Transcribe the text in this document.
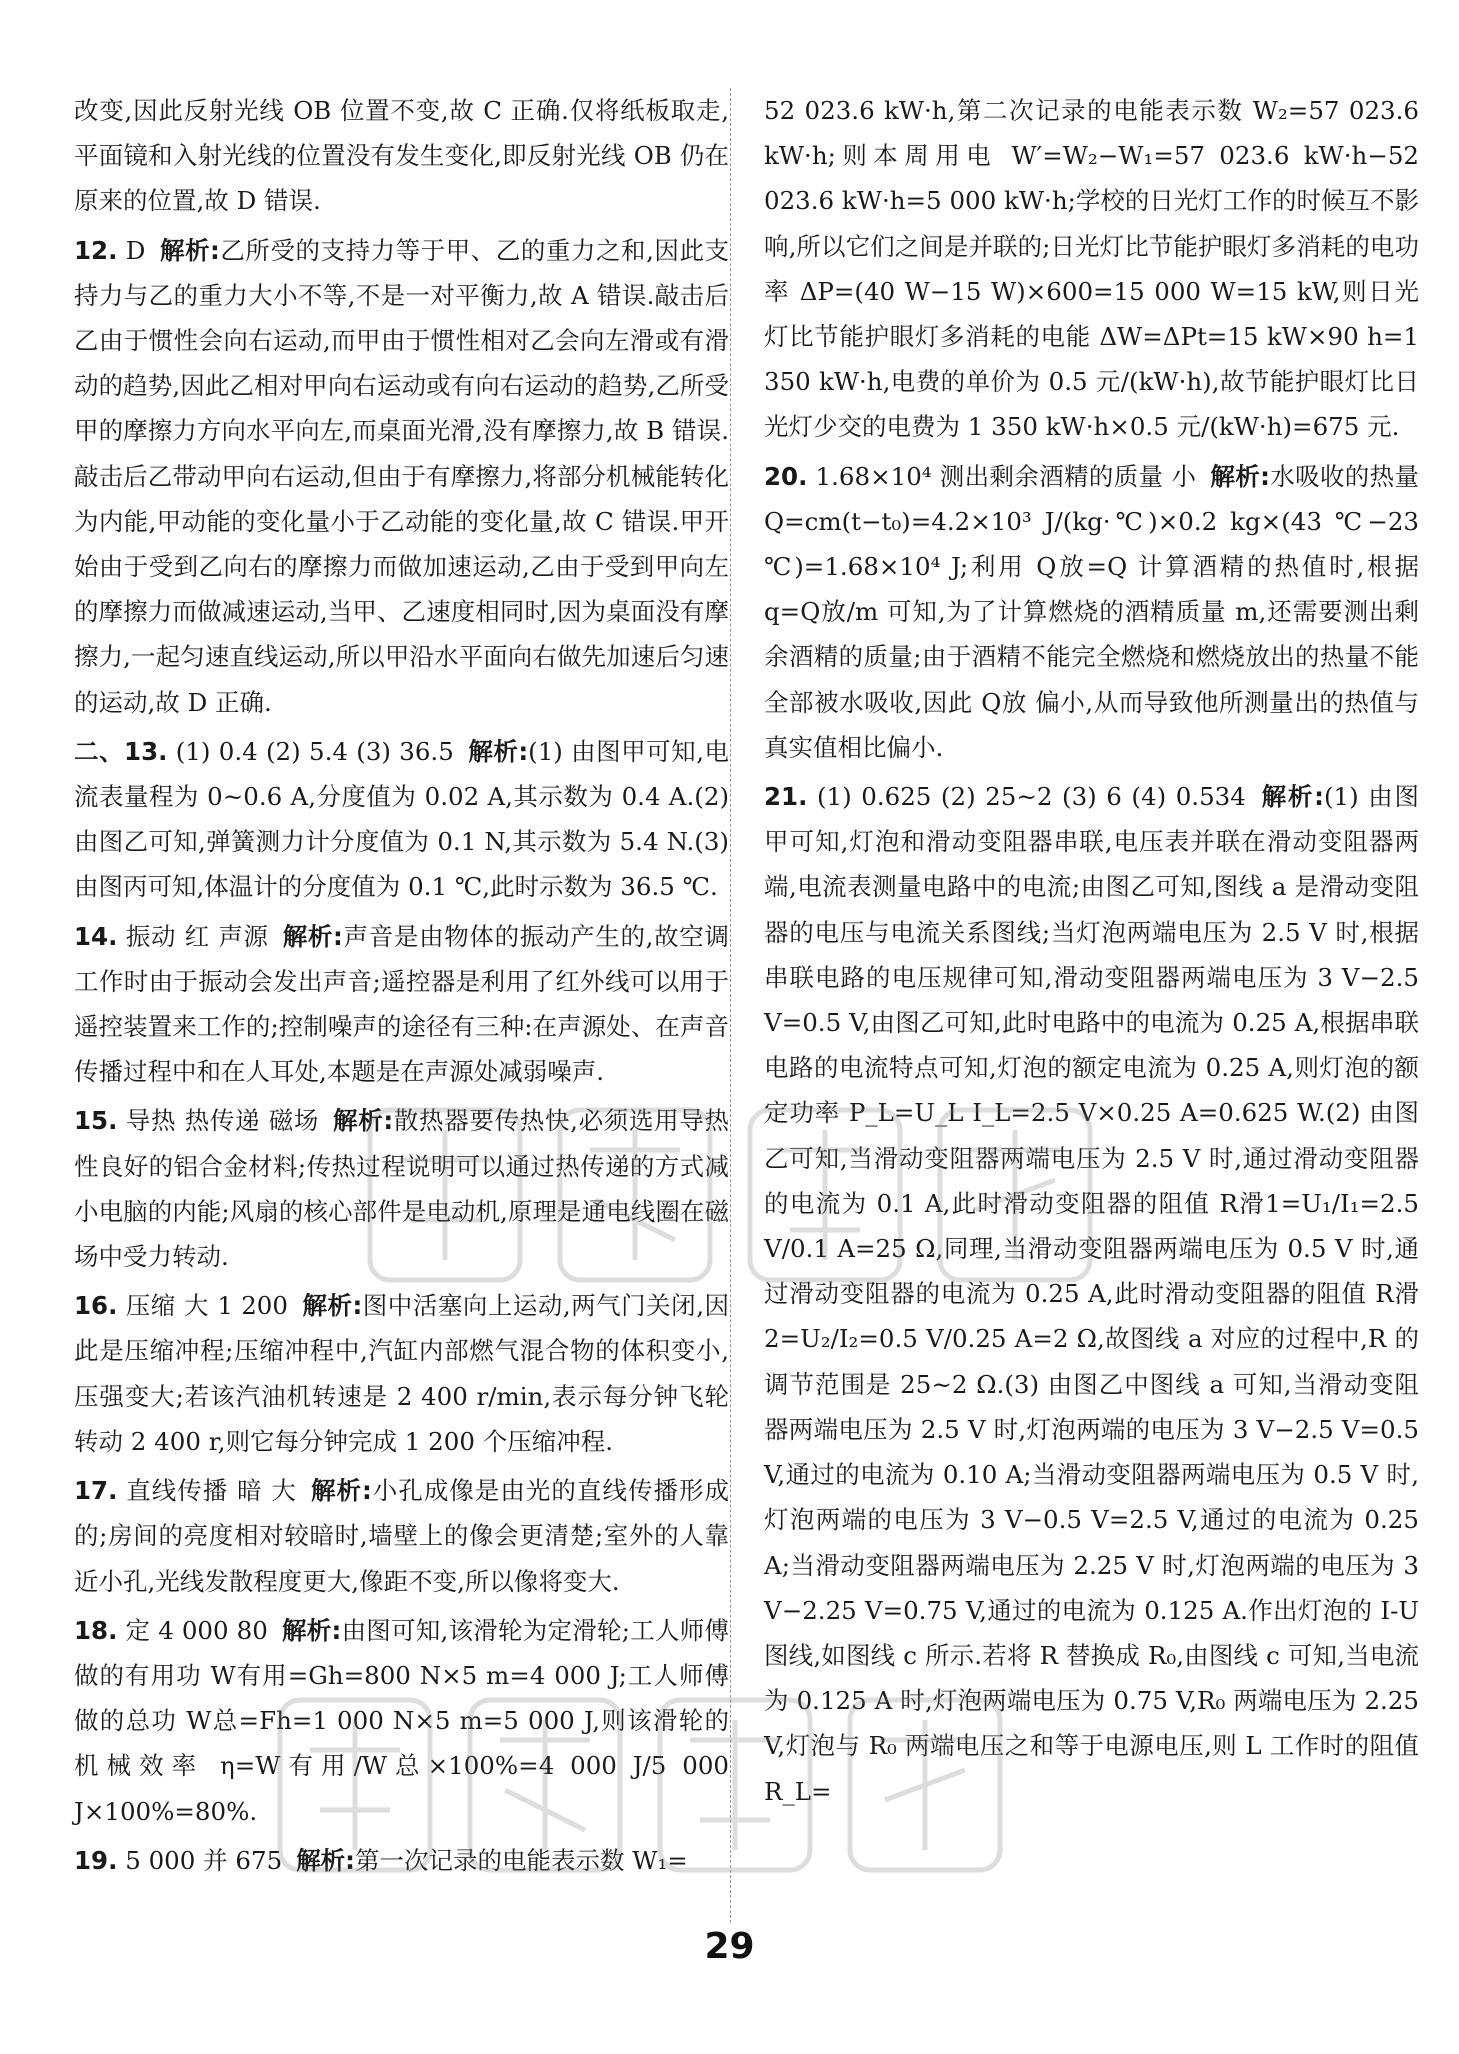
改变,因此反射光线 OB 位置不变,故 C 正确.仅将纸板取走,平面镜和入射光线的位置没有发生变化,即反射光线 OB 仍在原来的位置,故 D 错误.

12. D 解析:乙所受的支持力等于甲、乙的重力之和,因此支持力与乙的重力大小不等,不是一对平衡力,故 A 错误.敲击后乙由于惯性会向右运动,而甲由于惯性相对乙会向左滑或有滑动的趋势,因此乙相对甲向右运动或有向右运动的趋势,乙所受甲的摩擦力方向水平向左,而桌面光滑,没有摩擦力,故 B 错误.敲击后乙带动甲向右运动,但由于有摩擦力,将部分机械能转化为内能,甲动能的变化量小于乙动能的变化量,故 C 错误.甲开始由于受到乙向右的摩擦力而做加速运动,乙由于受到甲向左的摩擦力而做减速运动,当甲、乙速度相同时,因为桌面没有摩擦力,一起匀速直线运动,所以甲沿水平面向右做先加速后匀速的运动,故 D 正确.

二、13. (1) 0.4 (2) 5.4 (3) 36.5 解析:(1) 由图甲可知,电流表量程为 0~0.6 A,分度值为 0.02 A,其示数为 0.4 A.(2) 由图乙可知,弹簧测力计分度值为 0.1 N,其示数为 5.4 N.(3) 由图丙可知,体温计的分度值为 0.1 ℃,此时示数为 36.5 ℃.

14. 振动 红 声源 解析:声音是由物体的振动产生的,故空调工作时由于振动会发出声音;遥控器是利用了红外线可以用于遥控装置来工作的;控制噪声的途径有三种:在声源处、在声音传播过程中和在人耳处,本题是在声源处减弱噪声.

15. 导热 热传递 磁场 解析:散热器要传热快,必须选用导热性良好的铝合金材料;传热过程说明可以通过热传递的方式减小电脑的内能;风扇的核心部件是电动机,原理是通电线圈在磁场中受力转动.

16. 压缩 大 1 200 解析:图中活塞向上运动,两气门关闭,因此是压缩冲程;压缩冲程中,汽缸内部燃气混合物的体积变小,压强变大;若该汽油机转速是 2 400 r/min,表示每分钟飞轮转动 2 400 r,则它每分钟完成 1 200 个压缩冲程.

17. 直线传播 暗 大 解析:小孔成像是由光的直线传播形成的;房间的亮度相对较暗时,墙壁上的像会更清楚;室外的人靠近小孔,光线发散程度更大,像距不变,所以像将变大.

18. 定 4 000 80 解析:由图可知,该滑轮为定滑轮;工人师傅做的有用功 W有用=Gh=800 N×5 m=4 000 J;工人师傅做的总功 W总=Fh=1 000 N×5 m=5 000 J,则该滑轮的机械效率 η=W有用/W总×100%=4 000 J/5 000 J×100%=80%.

19. 5 000 并 675 解析:第一次记录的电能表示数 W₁=

52 023.6 kW·h,第二次记录的电能表示数 W₂=57 023.6 kW·h;则本周用电 W′=W₂−W₁=57 023.6 kW·h−52 023.6 kW·h=5 000 kW·h;学校的日光灯工作的时候互不影响,所以它们之间是并联的;日光灯比节能护眼灯多消耗的电功率 ΔP=(40 W−15 W)×600=15 000 W=15 kW,则日光灯比节能护眼灯多消耗的电能 ΔW=ΔPt=15 kW×90 h=1 350 kW·h,电费的单价为 0.5 元/(kW·h),故节能护眼灯比日光灯少交的电费为 1 350 kW·h×0.5 元/(kW·h)=675 元.

20. 1.68×10⁴ 测出剩余酒精的质量 小 解析:水吸收的热量 Q=cm(t−t₀)=4.2×10³ J/(kg·℃)×0.2 kg×(43 ℃−23 ℃)=1.68×10⁴ J;利用 Q放=Q 计算酒精的热值时,根据 q=Q放/m 可知,为了计算燃烧的酒精质量 m,还需要测出剩余酒精的质量;由于酒精不能完全燃烧和燃烧放出的热量不能全部被水吸收,因此 Q放 偏小,从而导致他所测量出的热值与真实值相比偏小.

21. (1) 0.625 (2) 25~2 (3) 6 (4) 0.534 解析:(1) 由图甲可知,灯泡和滑动变阻器串联,电压表并联在滑动变阻器两端,电流表测量电路中的电流;由图乙可知,图线 a 是滑动变阻器的电压与电流关系图线;当灯泡两端电压为 2.5 V 时,根据串联电路的电压规律可知,滑动变阻器两端电压为 3 V−2.5 V=0.5 V,由图乙可知,此时电路中的电流为 0.25 A,根据串联电路的电流特点可知,灯泡的额定电流为 0.25 A,则灯泡的额定功率 P_L=U_L I_L=2.5 V×0.25 A=0.625 W.(2) 由图乙可知,当滑动变阻器两端电压为 2.5 V 时,通过滑动变阻器的电流为 0.1 A,此时滑动变阻器的阻值 R滑1=U₁/I₁=2.5 V/0.1 A=25 Ω,同理,当滑动变阻器两端电压为 0.5 V 时,通过滑动变阻器的电流为 0.25 A,此时滑动变阻器的阻值 R滑2=U₂/I₂=0.5 V/0.25 A=2 Ω,故图线 a 对应的过程中,R 的调节范围是 25~2 Ω.(3) 由图乙中图线 a 可知,当滑动变阻器两端电压为 2.5 V 时,灯泡两端的电压为 3 V−2.5 V=0.5 V,通过的电流为 0.10 A;当滑动变阻器两端电压为 0.5 V 时,灯泡两端的电压为 3 V−0.5 V=2.5 V,通过的电流为 0.25 A;当滑动变阻器两端电压为 2.25 V 时,灯泡两端的电压为 3 V−2.25 V=0.75 V,通过的电流为 0.125 A.作出灯泡的 I-U 图线,如图线 c 所示.若将 R 替换成 R₀,由图线 c 可知,当电流为 0.125 A 时,灯泡两端电压为 0.75 V,R₀ 两端电压为 2.25 V,灯泡与 R₀ 两端电压之和等于电源电压,则 L 工作时的阻值 R_L=

29
